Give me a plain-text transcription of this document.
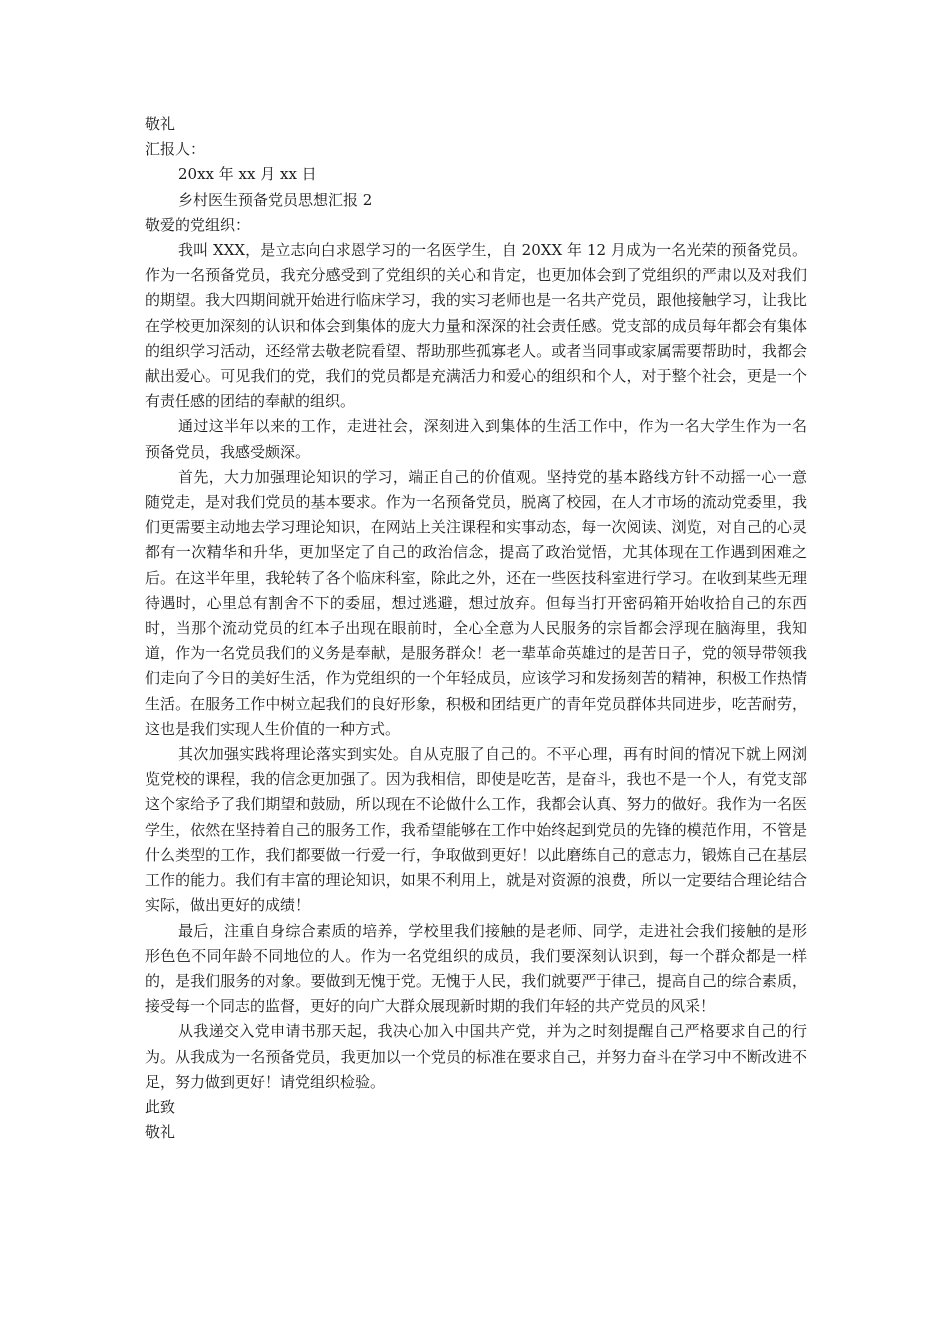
敬礼
汇报人：
20xx 年 xx 月 xx 日
乡村医生预备党员思想汇报 2
敬爱的党组织：

我叫 XXX，是立志向白求恩学习的一名医学生，自 20XX 年 12 月成为一名光荣的预备党员。作为一名预备党员，我充分感受到了党组织的关心和肯定，也更加体会到了党组织的严肃以及对我们的期望。我大四期间就开始进行临床学习，我的实习老师也是一名共产党员，跟他接触学习，让我比在学校更加深刻的认识和体会到集体的庞大力量和深深的社会责任感。党支部的成员每年都会有集体的组织学习活动，还经常去敬老院看望、帮助那些孤寡老人。或者当同事或家属需要帮助时，我都会献出爱心。可见我们的党，我们的党员都是充满活力和爱心的组织和个人，对于整个社会，更是一个有责任感的团结的奉献的组织。

通过这半年以来的工作，走进社会，深刻进入到集体的生活工作中，作为一名大学生作为一名预备党员，我感受颇深。

首先，大力加强理论知识的学习，端正自己的价值观。坚持党的基本路线方针不动摇一心一意随党走，是对我们党员的基本要求。作为一名预备党员，脱离了校园，在人才市场的流动党委里，我们更需要主动地去学习理论知识，在网站上关注课程和实事动态，每一次阅读、浏览，对自己的心灵都有一次精华和升华，更加坚定了自己的政治信念，提高了政治觉悟，尤其体现在工作遇到困难之后。在这半年里，我轮转了各个临床科室，除此之外，还在一些医技科室进行学习。在收到某些无理待遇时，心里总有割舍不下的委屈，想过逃避，想过放弃。但每当打开密码箱开始收拾自己的东西时，当那个流动党员的红本子出现在眼前时，全心全意为人民服务的宗旨都会浮现在脑海里，我知道，作为一名党员我们的义务是奉献，是服务群众！老一辈革命英雄过的是苦日子，党的领导带领我们走向了今日的美好生活，作为党组织的一个年轻成员，应该学习和发扬刻苦的精神，积极工作热情生活。在服务工作中树立起我们的良好形象，积极和团结更广的青年党员群体共同进步，吃苦耐劳，这也是我们实现人生价值的一种方式。

其次加强实践将理论落实到实处。自从克服了自己的。不平心理，再有时间的情况下就上网浏览党校的课程，我的信念更加强了。因为我相信，即使是吃苦，是奋斗，我也不是一个人，有党支部这个家给予了我们期望和鼓励，所以现在不论做什么工作，我都会认真、努力的做好。我作为一名医学生，依然在坚持着自己的服务工作，我希望能够在工作中始终起到党员的先锋的模范作用，不管是什么类型的工作，我们都要做一行爱一行，争取做到更好！以此磨练自己的意志力，锻炼自己在基层工作的能力。我们有丰富的理论知识，如果不利用上，就是对资源的浪费，所以一定要结合理论结合实际，做出更好的成绩！

最后，注重自身综合素质的培养，学校里我们接触的是老师、同学，走进社会我们接触的是形形色色不同年龄不同地位的人。作为一名党组织的成员，我们要深刻认识到，每一个群众都是一样的，是我们服务的对象。要做到无愧于党。无愧于人民，我们就要严于律己，提高自己的综合素质，接受每一个同志的监督，更好的向广大群众展现新时期的我们年轻的共产党员的风采！

从我递交入党申请书那天起，我决心加入中国共产党，并为之时刻提醒自己严格要求自己的行为。从我成为一名预备党员，我更加以一个党员的标准在要求自己，并努力奋斗在学习中不断改进不足，努力做到更好！请党组织检验。

此致
敬礼
